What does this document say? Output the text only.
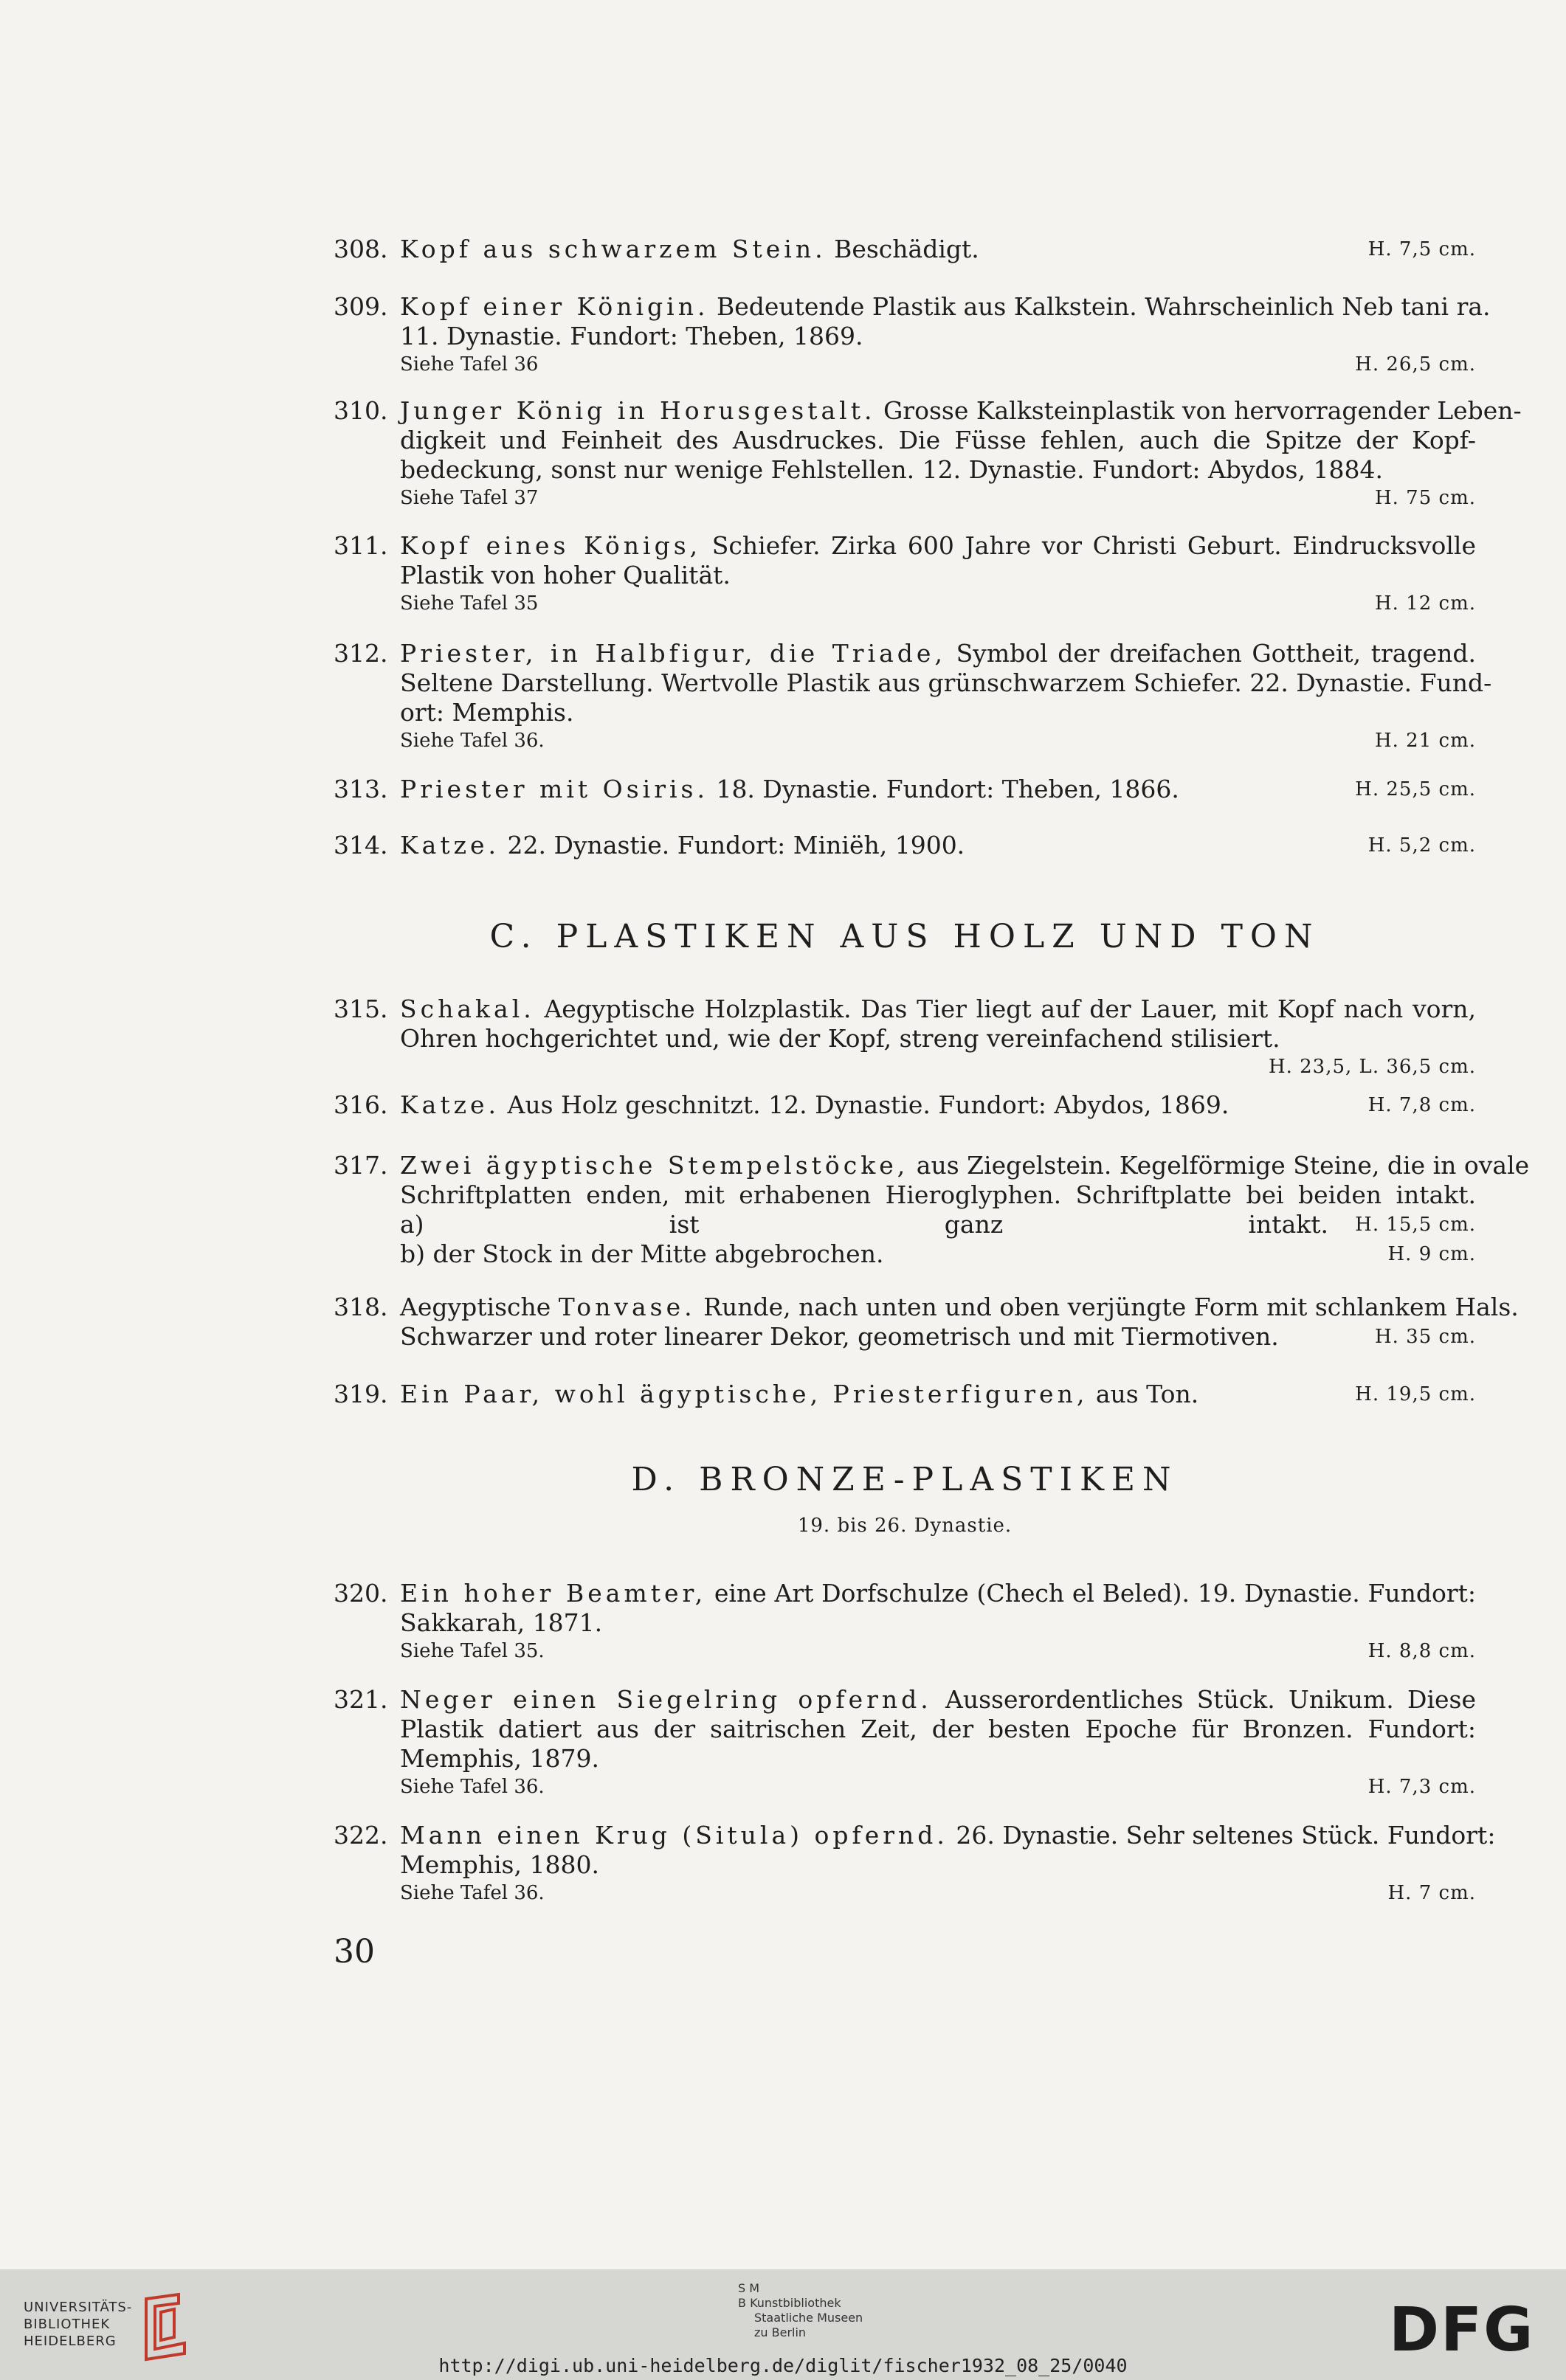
308. Kopf aus schwarzem Stein. Beschädigt.	H. 7,5 cm.
309. Kopf einer Königin. Bedeutende Plastik aus Kalkstein. Wahrscheinlich Neb tani ra.
11. Dynastie. Fundort: Theben, 1869.
Siehe Tafel 36	H. 26,5 cm.
310. Junger König in Horusgestalt. Grosse Kalksteinplastik von hervorragender Leben-
digkeit und Feinheit des Ausdruckes. Die Füsse fehlen, auch die Spitze der Kopf-
bedeckung, sonst nur wenige Fehlstellen. 12. Dynastie. Fundort: Abydos, 1884.
Siehe Tafel 37	H. 75 cm.
311. Kopf eines Königs, Schiefer. Zirka 600 Jahre vor Christi Geburt. Eindrucksvolle
Plastik von hoher Qualität.
Siehe Tafel 35	H. 12 cm.
312. Priester, in Halbfigur, die Triade, Symbol der dreifachen Gottheit, tragend.
Seltene Darstellung. Wertvolle Plastik aus grünschwarzem Schiefer. 22. Dynastie. Fund-
ort: Memphis.
Siehe Tafel 36.	H. 21 cm.
313. Priester mit Osiris. 18. Dynastie. Fundort: Theben, 1866.	H. 25,5 cm.
314. Katze. 22. Dynastie. Fundort: Miniëh, 1900.	H. 5,2 cm.
315. Schakal. Aegyptische Holzplastik. Das Tier liegt auf der Lauer, mit Kopf nach vorn,
Ohren hochgerichtet und, wie der Kopf, streng vereinfachend stilisiert.
H. 23,5, L. 36,5 cm.
316. Katze. Aus Holz geschnitzt. 12. Dynastie. Fundort: Abydos, 1869.	H. 7,8 cm.
317. Zwei ägyptische Stempelstöcke, aus Ziegelstein. Kegelförmige Steine, die in ovale
Schriftplatten enden, mit erhabenen Hieroglyphen. Schriftplatte bei beiden intakt.
a) ist ganz intakt. H. 15,5 cm.
b) der Stock in der Mitte abgebrochen.	H. 9 cm.
318. Aegyptische Tonvase. Runde, nach unten und oben verjüngte Form mit schlankem Hals.
Schwarzer und roter linearer Dekor, geometrisch und mit Tiermotiven.	H. 35 cm.
319. Ein Paar, wohl ägyptische, Priesterfiguren, aus Ton.	H. 19,5 cm.
320. Ein hoher Beamter, eine Art Dorfschulze (Chech el Beled). 19. Dynastie. Fundort:
Sakkarah, 1871.
Siehe Tafel 35.	H. 8,8 cm.
321. Neger einen Siegelring opfernd. Ausserordentliches Stück. Unikum. Diese
Plastik datiert aus der saitrischen Zeit, der besten Epoche für Bronzen. Fundort:
Memphis, 1879.
Siehe Tafel 36.	H. 7,3 cm.
322. Mann einen Krug (Situla) opfernd. 26. Dynastie. Sehr seltenes Stück. Fundort:
Memphis, 1880.
Siehe Tafel 36.	H. 7 cm.
C. PLASTIKEN AUS HOLZ UND TON
D. BRONZE-PLASTIKEN
19. bis 26. Dynastie.
30
UNIVERSITÄTS-
BIBLIOTHEK
HEIDELBERG
S M
B Kunstbibliothek
Staatliche Museen
zu Berlin	DFG
http://digi.ub.uni-heidelberg.de/diglit/fischer1932_08_25/0040
